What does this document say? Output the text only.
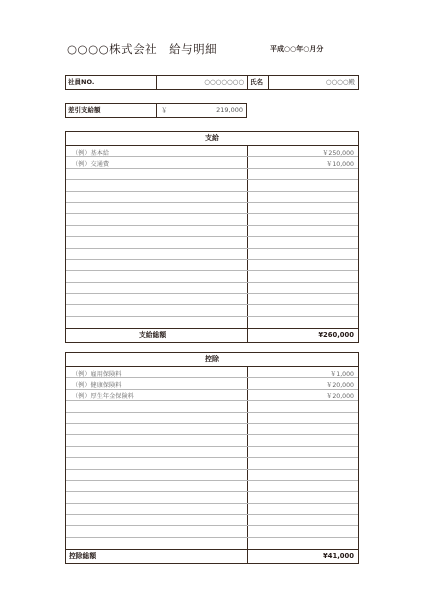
○○○○株式会社　給与明細	平成○○年○月分
社員NO.	○○○○○○○ 氏名	○○○○殿
差引支給額	￥	219,000
支給
（例）基本給	￥250,000
（例）交通費	￥10,000
支給総額	¥260,000
控除
（例）雇用保険料	￥1,000
（例）健康保険料	￥20,000
（例）厚生年金保険料	￥20,000
控除総額	¥41,000
